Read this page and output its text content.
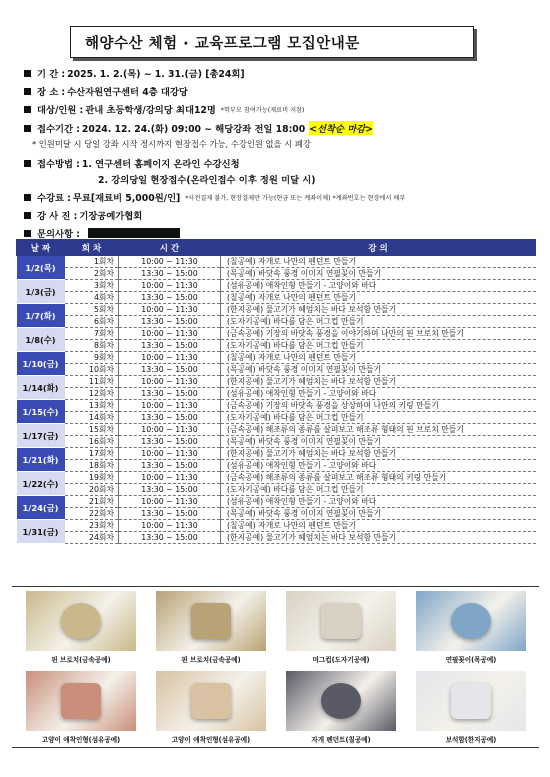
해양수산 체험 · 교육프로그램 모집안내문
기 간 : 2025. 1. 2.(목) ~ 1. 31.(금) [총24회]
장 소 : 수산자원연구센터 4층 대강당
대상/인원 : 관내 초등학생/강의당 최대12명 *학부모 참여가능(재료비 지참)
접수기간 : 2024. 12. 24.(화) 09:00 ~ 해당강좌 전일 18:00 <선착순 마감>
* 인원미달 시 당일 강좌 시작 정시까지 현장접수 가능, 수강인원 없을 시 폐강
접수방법 : 1. 연구센터 홈페이지 온라인 수강신청
2. 강의당일 현장접수(온라인접수 이후 정원 미달 시)
수강료 : 무료[재료비 5,000원/인] *사전결제 불가, 현장결제만 가능(현금 또는 계좌이체) *계좌번호는 현장에서 배부
강 사 진 : 기장공예가협회
문의사항 :
날 짜	회 차	시 간	강 의
1/2(목)	1회차	10:00 ~ 11:30	(칠공예) 자개로 나만의 펜던트 만들기
	2회차	13:30 ~ 15:00	(목공예) 바닷속 풍경 이미지 연필꽂이 만들기
1/3(금)	3회차	10:00 ~ 11:30	(섬유공예) 애착인형 만들기 - 고양이와 바다
	4회차	13:30 ~ 15:00	(칠공예) 자개로 나만의 펜던트 만들기
1/7(화)	5회차	10:00 ~ 11:30	(한지공예) 물고기가 헤엄치는 바다 보석함 만들기
	6회차	13:30 ~ 15:00	(도자기공예) 바다를 담은 머그컵 만들기
1/8(수)	7회차	10:00 ~ 11:30	(금속공예) 기장의 바닷속 풍경을 이야기하며 나만의 핀 브로치 만들기
	8회차	13:30 ~ 15:00	(도자기공예) 바다를 담은 머그컵 만들기
1/10(금)	9회차	10:00 ~ 11:30	(칠공예) 자개로 나만의 펜던트 만들기
	10회차	13:30 ~ 15:00	(목공예) 바닷속 풍경 이미지 연필꽂이 만들기
1/14(화)	11회차	10:00 ~ 11:30	(한지공예) 물고기가 헤엄치는 바다 보석함 만들기
	12회차	13:30 ~ 15:00	(섬유공예) 애착인형 만들기 - 고양이와 바다
1/15(수)	13회차	10:00 ~ 11:30	(금속공예) 기장의 바닷속 풍경을 상상하며 나만의 키링 만들기
	14회차	13:30 ~ 15:00	(도자기공예) 바다를 담은 머그컵 만들기
1/17(금)	15회차	10:00 ~ 11:30	(금속공예) 해조류의 종류를 살펴보고 해조류 형태의 핀 브로치 만들기
	16회차	13:30 ~ 15:00	(목공예) 바닷속 풍경 이미지 연필꽂이 만들기
1/21(화)	17회차	10:00 ~ 11:30	(한지공예) 물고기가 헤엄치는 바다 보석함 만들기
	18회차	13:30 ~ 15:00	(섬유공예) 애착인형 만들기 - 고양이와 바다
1/22(수)	19회차	10:00 ~ 11:30	(금속공예) 해조류의 종류를 살펴보고 해조류 형태의 키링 만들기
	20회차	13:30 ~ 15:00	(도자기공예) 바다를 담은 머그컵 만들기
1/24(금)	21회차	10:00 ~ 11:30	(섬유공예) 애착인형 만들기 - 고양이와 바다
	22회차	13:30 ~ 15:00	(목공예) 바닷속 풍경 이미지 연필꽂이 만들기
1/31(금)	23회차	10:00 ~ 11:30	(칠공예) 자개로 나만의 펜던트 만들기
	24회차	13:30 ~ 15:00	(한지공예) 물고기가 헤엄치는 바다 보석함 만들기
핀 브로치(금속공예)	핀 브로치(금속공예)	머그컵(도자기공예)	연필꽂이(목공예)
고양이 애착인형(섬유공예)	고양이 애착인형(섬유공예)	자개 펜던트(칠공예)	보석함(한지공예)
